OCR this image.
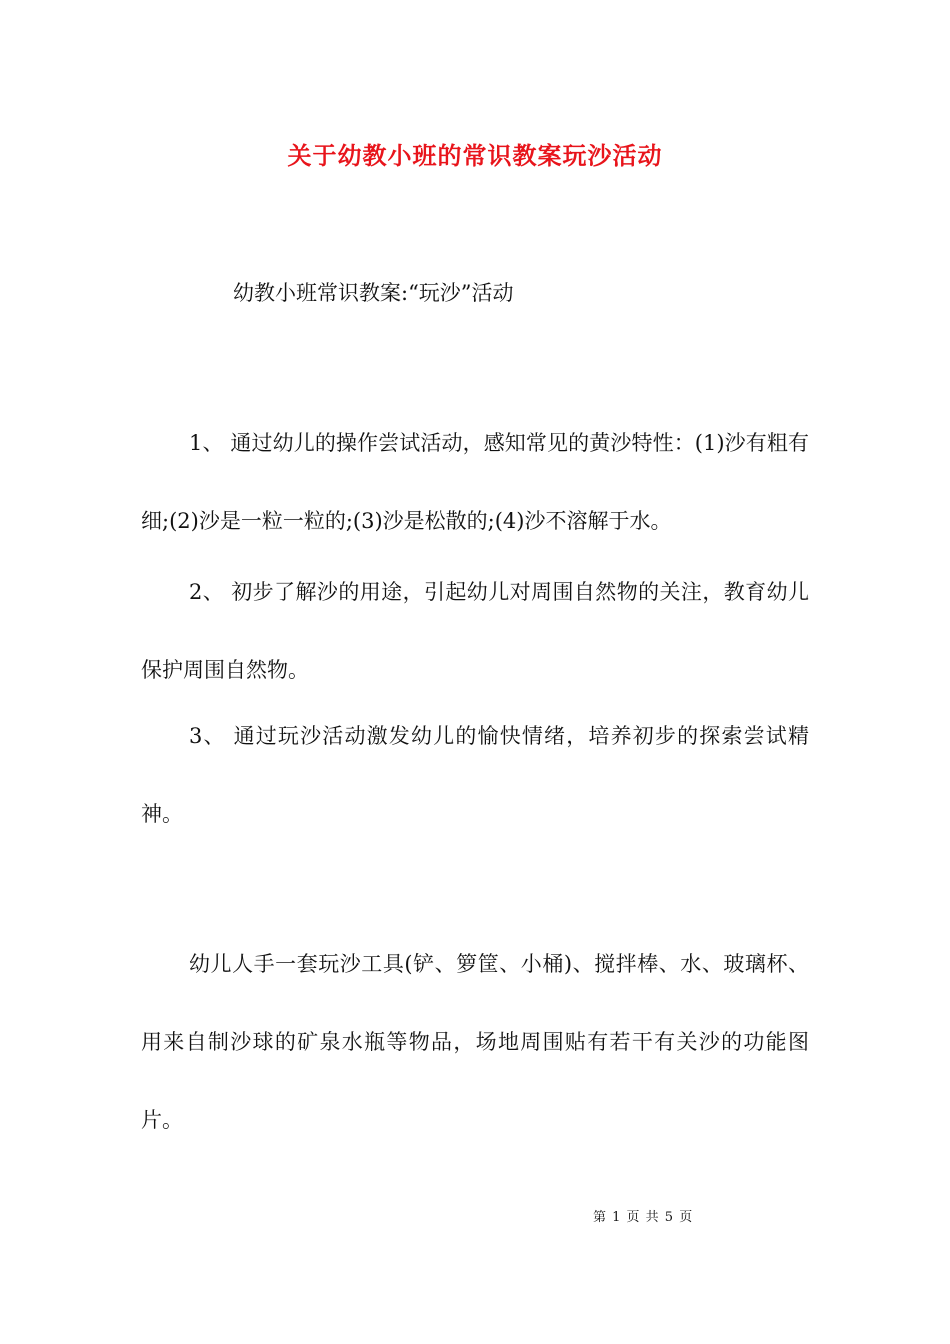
关于幼教小班的常识教案玩沙活动
幼教小班常识教案:“玩沙”活动
1、 通过幼儿的操作尝试活动，感知常见的黄沙特性：(1)沙有粗有细;(2)沙是一粒一粒的;(3)沙是松散的;(4)沙不溶解于水。
2、 初步了解沙的用途，引起幼儿对周围自然物的关注，教育幼儿保护周围自然物。
3、 通过玩沙活动激发幼儿的愉快情绪，培养初步的探索尝试精神。
幼儿人手一套玩沙工具(铲、箩筐、小桶)、搅拌棒、水、玻璃杯、用来自制沙球的矿泉水瓶等物品，场地周围贴有若干有关沙的功能图片。
第 1 页 共 5 页
